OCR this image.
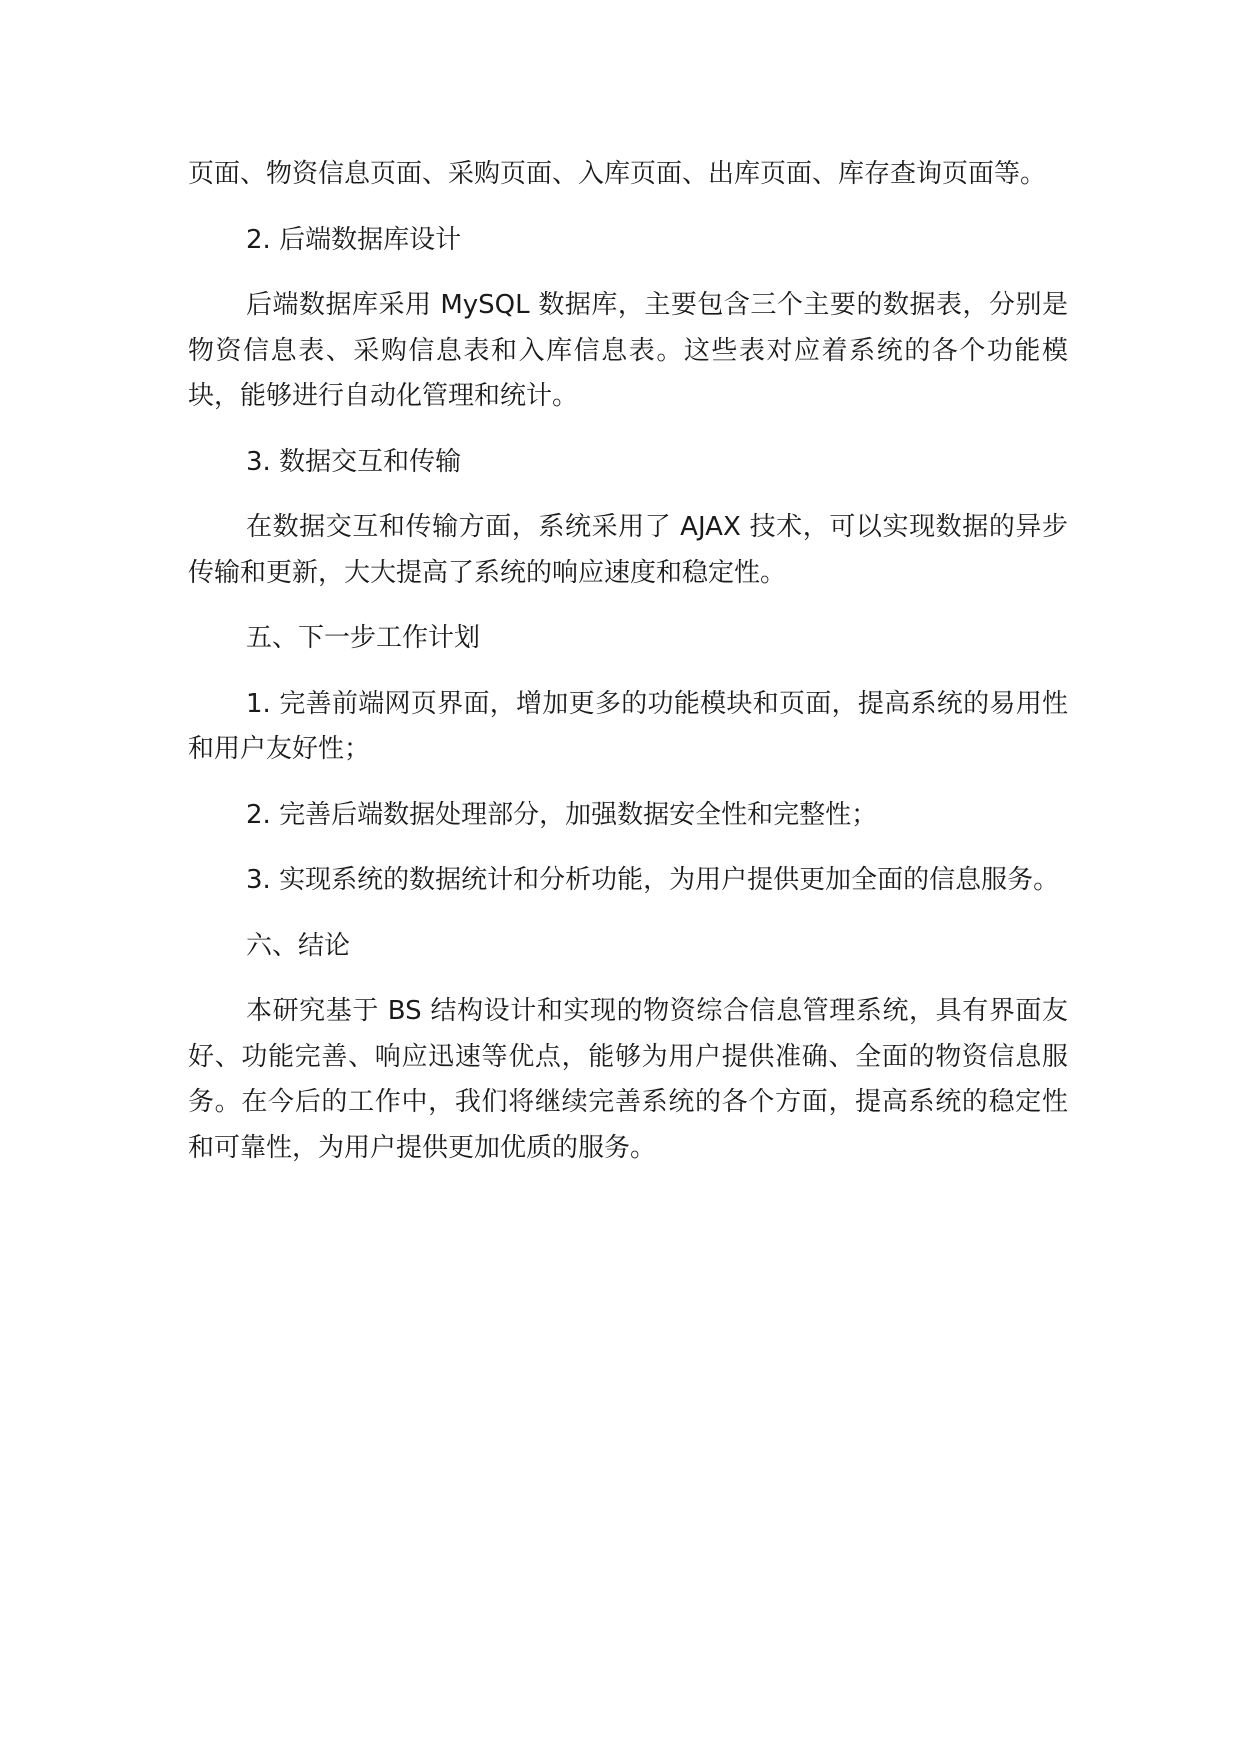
页面、物资信息页面、采购页面、入库页面、出库页面、库存查询页面等。

2. 后端数据库设计

后端数据库采用 MySQL 数据库，主要包含三个主要的数据表，分别是物资信息表、采购信息表和入库信息表。这些表对应着系统的各个功能模块，能够进行自动化管理和统计。

3. 数据交互和传输

在数据交互和传输方面，系统采用了 AJAX 技术，可以实现数据的异步传输和更新，大大提高了系统的响应速度和稳定性。

五、下一步工作计划

1. 完善前端网页界面，增加更多的功能模块和页面，提高系统的易用性和用户友好性；

2. 完善后端数据处理部分，加强数据安全性和完整性；

3. 实现系统的数据统计和分析功能，为用户提供更加全面的信息服务。

六、结论

本研究基于 BS 结构设计和实现的物资综合信息管理系统，具有界面友好、功能完善、响应迅速等优点，能够为用户提供准确、全面的物资信息服务。在今后的工作中，我们将继续完善系统的各个方面，提高系统的稳定性和可靠性，为用户提供更加优质的服务。
